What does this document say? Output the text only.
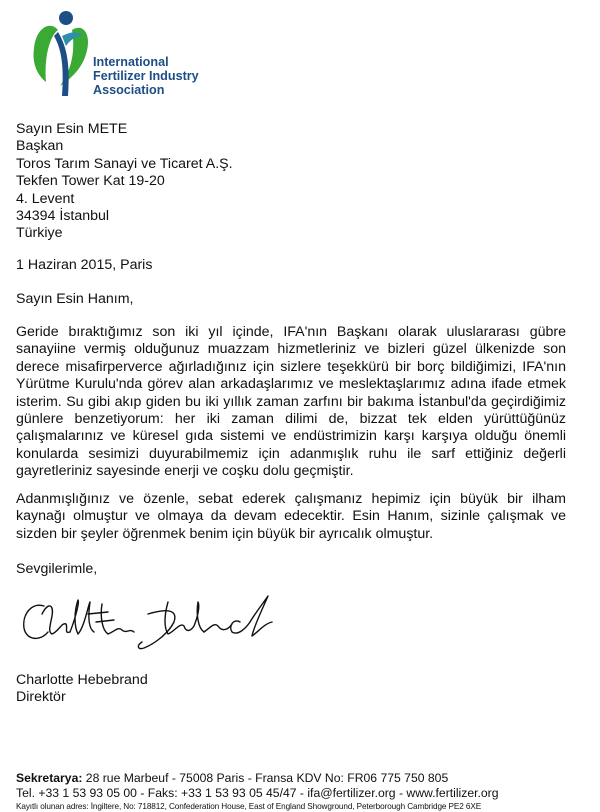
International
Fertilizer Industry
Association
Sayın Esin METE
Başkan
Toros Tarım Sanayi ve Ticaret A.Ş.
Tekfen Tower Kat 19-20
4. Levent
34394 İstanbul
Türkiye
1 Haziran 2015, Paris
Sayın Esin Hanım,
Geride bıraktığımız son iki yıl içinde, IFA'nın Başkanı olarak uluslararası gübre sanayiine vermiş olduğunuz muazzam hizmetleriniz ve bizleri güzel ülkenizde son derece misafirperverce ağırladığınız için sizlere teşekkürü bir borç bildiğimizi, IFA'nın Yürütme Kurulu'nda görev alan arkadaşlarımız ve meslektaşlarımız adına ifade etmek isterim. Su gibi akıp giden bu iki yıllık zaman zarfını bir bakıma İstanbul'da geçirdiğimiz günlere benzetiyorum: her iki zaman dilimi de, bizzat tek elden yürüttüğünüz çalışmalarınız ve küresel gıda sistemi ve endüstrimizin karşı karşıya olduğu önemli konularda sesimizi duyurabilmemiz için adanmışlık ruhu ile sarf ettiğiniz değerli gayretleriniz sayesinde enerji ve coşku dolu geçmiştir.
Adanmışlığınız ve özenle, sebat ederek çalışmanız hepimiz için büyük bir ilham kaynağı olmuştur ve olmaya da devam edecektir. Esin Hanım, sizinle çalışmak ve sizden bir şeyler öğrenmek benim için büyük bir ayrıcalık olmuştur.
Sevgilerimle,
Charlotte Hebebrand
Direktör
Sekretarya: 28 rue Marbeuf - 75008 Paris - Fransa KDV No: FR06 775 750 805
Tel. +33 1 53 93 05 00 - Faks: +33 1 53 93 05 45/47 - ifa@fertilizer.org - www.fertilizer.org
Kayıtlı olunan adres: İngiltere, No: 718812, Confederation House, East of England Showground, Peterborough Cambridge PE2 6XE
